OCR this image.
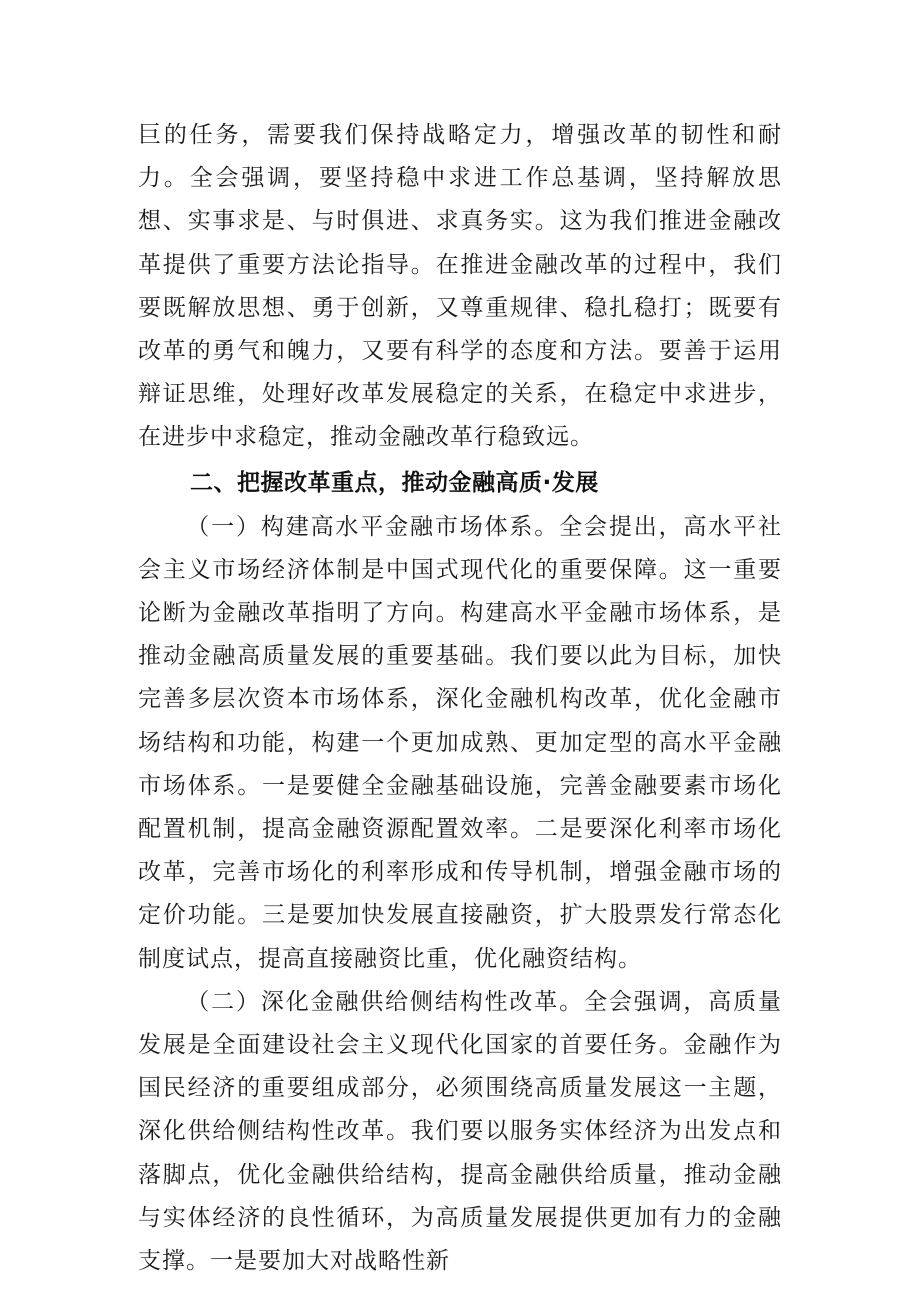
巨的任务，需要我们保持战略定力，增强改革的韧性和耐力。全会强调，要坚持稳中求进工作总基调，坚持解放思想、实事求是、与时俱进、求真务实。这为我们推进金融改革提供了重要方法论指导。在推进金融改革的过程中，我们要既解放思想、勇于创新，又尊重规律、稳扎稳打；既要有改革的勇气和魄力，又要有科学的态度和方法。要善于运用辩证思维，处理好改革发展稳定的关系，在稳定中求进步，在进步中求稳定，推动金融改革行稳致远。

二、把握改革重点，推动金融高质·发展

（一）构建高水平金融市场体系。全会提出，高水平社会主义市场经济体制是中国式现代化的重要保障。这一重要论断为金融改革指明了方向。构建高水平金融市场体系，是推动金融高质量发展的重要基础。我们要以此为目标，加快完善多层次资本市场体系，深化金融机构改革，优化金融市场结构和功能，构建一个更加成熟、更加定型的高水平金融市场体系。一是要健全金融基础设施，完善金融要素市场化配置机制，提高金融资源配置效率。二是要深化利率市场化改革，完善市场化的利率形成和传导机制，增强金融市场的定价功能。三是要加快发展直接融资，扩大股票发行常态化制度试点，提高直接融资比重，优化融资结构。

（二）深化金融供给侧结构性改革。全会强调，高质量发展是全面建设社会主义现代化国家的首要任务。金融作为国民经济的重要组成部分，必须围绕高质量发展这一主题，深化供给侧结构性改革。我们要以服务实体经济为出发点和落脚点，优化金融供给结构，提高金融供给质量，推动金融与实体经济的良性循环，为高质量发展提供更加有力的金融支撑。一是要加大对战略性新
